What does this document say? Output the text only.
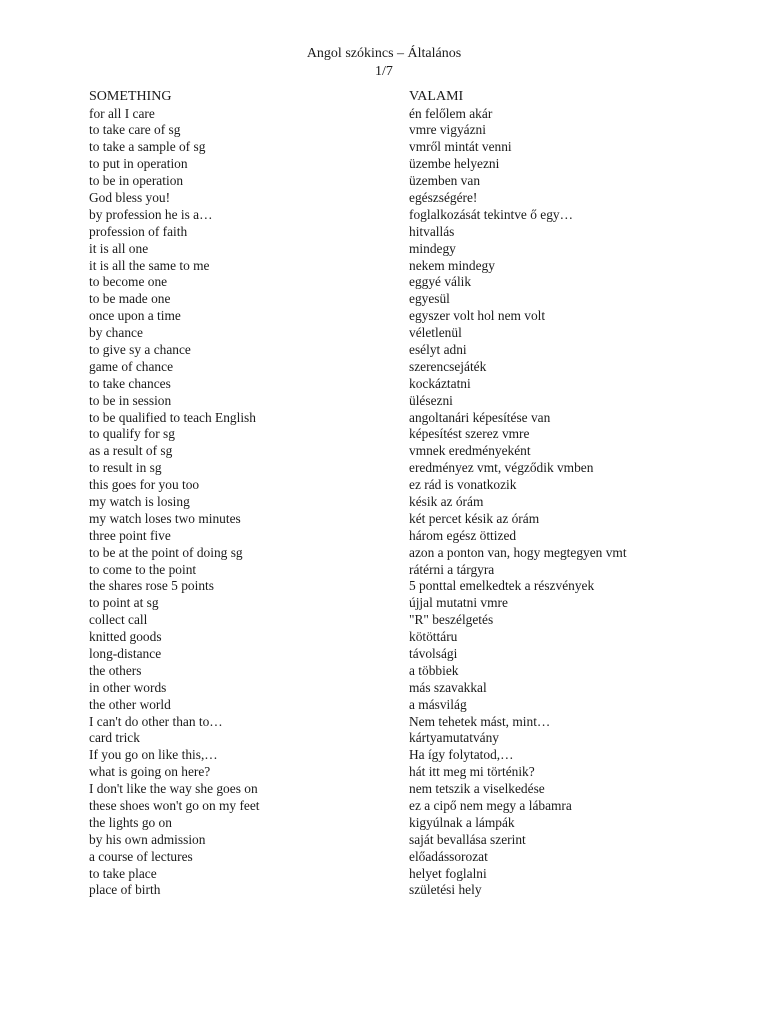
Angol szókincs – Általános
1/7
SOMETHING	VALAMI
for all I care	én felőlem akár
to take care of sg	vmre vigyázni
to take a sample of sg	vmről mintát venni
to put in operation	üzembe helyezni
to be in operation	üzemben van
God bless you!	egészségére!
by profession he is a…	foglalkozását tekintve ő egy…
profession of faith	hitvallás
it is all one	mindegy
it is all the same to me	nekem mindegy
to become one	eggyé válik
to be made one	egyesül
once upon a time	egyszer volt hol nem volt
by chance	véletlenül
to give sy a chance	esélyt adni
game of chance	szerencsejáték
to take chances	kockáztatni
to be in session	ülésezni
to be qualified to teach English	angoltanári képesítése van
to qualify for sg	képesítést szerez vmre
as a result of sg	vmnek eredményeként
to result in sg	eredményez vmt, végződik vmben
this goes for you too	ez rád is vonatkozik
my watch is losing	késik az órám
my watch loses two minutes	két percet késik az órám
three point five	három egész öttized
to be at the point of doing sg	azon a ponton van, hogy megtegyen vmt
to come to the point	rátérni a tárgyra
the shares rose 5 points	5 ponttal emelkedtek a részvények
to point at sg	újjal mutatni vmre
collect call	"R" beszélgetés
knitted goods	kötöttáru
long-distance	távolsági
the others	a többiek
in other words	más szavakkal
the other world	a másvilág
I can't do other than to…	Nem tehetek mást, mint…
card trick	kártyamutatvány
If you go on like this,…	Ha így folytatod,…
what is going on here?	hát itt meg mi történik?
I don't like the way she goes on	nem tetszik a viselkedése
these shoes won't go on my feet	ez a cipő nem megy a lábamra
the lights go on	kigyúlnak a lámpák
by his own admission	saját bevallása szerint
a course of lectures	előadássorozat
to take place	helyet foglalni
place of birth	születési hely
